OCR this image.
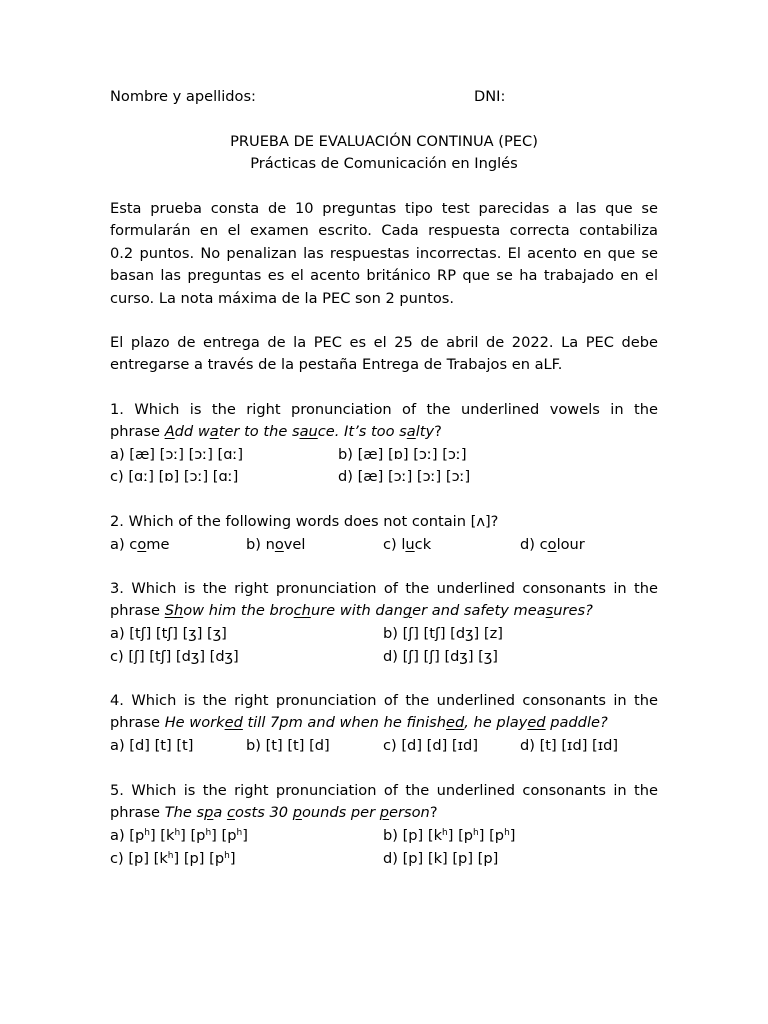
Nombre y apellidos:	DNI:
PRUEBA DE EVALUACIÓN CONTINUA (PEC)
Prácticas de Comunicación en Inglés
Esta prueba consta de 10 preguntas tipo test parecidas a las que se
formularán en el examen escrito. Cada respuesta correcta contabiliza
0.2 puntos. No penalizan las respuestas incorrectas. El acento en que se
basan las preguntas es el acento británico RP que se ha trabajado en el
curso. La nota máxima de la PEC son 2 puntos.
El plazo de entrega de la PEC es el 25 de abril de 2022. La PEC debe
entregarse a través de la pestaña Entrega de Trabajos en aLF.
1. Which is the right pronunciation of the underlined vowels in the
phrase Add water to the sauce. It’s too salty?
a) [æ] [ɔː] [ɔː] [ɑː]	b) [æ] [ɒ] [ɔː] [ɔː]
c) [ɑː] [ɒ] [ɔː] [ɑː]	d) [æ] [ɔː] [ɔː] [ɔː]
2. Which of the following words does not contain [ʌ]?
a) come	b) novel	c) luck	d) colour
3. Which is the right pronunciation of the underlined consonants in the
phrase Show him the brochure with danger and safety measures?
a) [tʃ] [tʃ] [ʒ] [ʒ]	b) [ʃ] [tʃ] [dʒ] [z]
c) [ʃ] [tʃ] [dʒ] [dʒ]	d) [ʃ] [ʃ] [dʒ] [ʒ]
4. Which is the right pronunciation of the underlined consonants in the
phrase He worked till 7pm and when he finished, he played paddle?
a) [d] [t] [t]	b) [t] [t] [d]	c) [d] [d] [ɪd]	d) [t] [ɪd] [ɪd]
5. Which is the right pronunciation of the underlined consonants in the
phrase The spa costs 30 pounds per person?
a) $[p^h]$ $[k^h]$ $[p^h]$ $[p^h]$	b) [p] $[k^h]$ $[p^h]$ $[p^h]$
c) [p] $[k^h]$ [p] $[p^h]$	d) [p] [k] [p] [p]
